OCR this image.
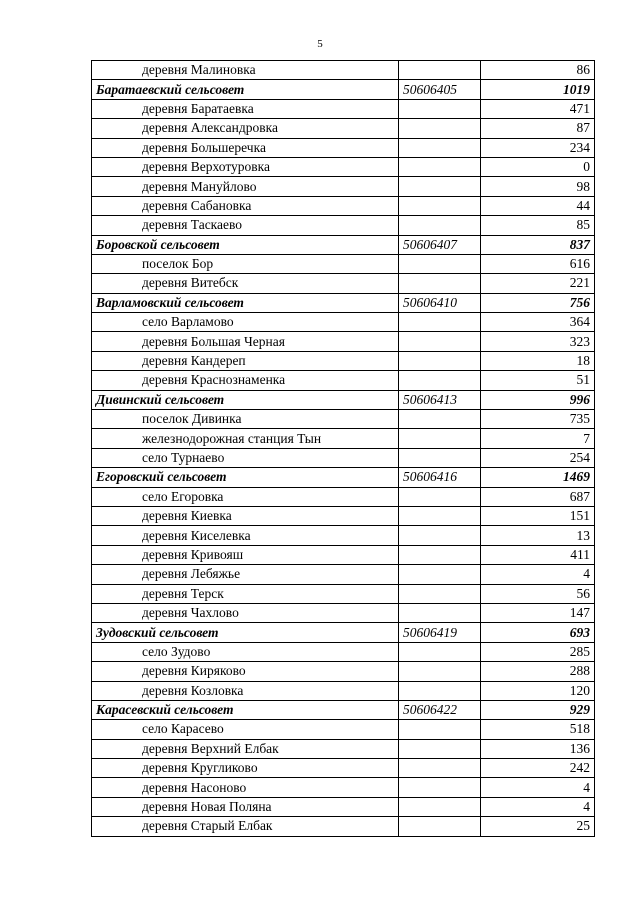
5
деревня Малиновка		86
Баратаевский сельсовет	50606405	1019
деревня Баратаевка		471
деревня Александровка		87
деревня Большеречка		234
деревня Верхотуровка		0
деревня Мануйлово		98
деревня Сабановка		44
деревня Таскаево		85
Боровской сельсовет	50606407	837
поселок Бор		616
деревня Витебск		221
Варламовский сельсовет	50606410	756
село Варламово		364
деревня Большая Черная		323
деревня Кандереп		18
деревня Краснознаменка		51
Дивинский сельсовет	50606413	996
поселок Дивинка		735
железнодорожная станция Тын		7
село Турнаево		254
Егоровский сельсовет	50606416	1469
село Егоровка		687
деревня Киевка		151
деревня Киселевка		13
деревня Кривояш		411
деревня Лебяжье		4
деревня Терск		56
деревня Чахлово		147
Зудовский сельсовет	50606419	693
село Зудово		285
деревня Киряково		288
деревня Козловка		120
Карасевский сельсовет	50606422	929
село Карасево		518
деревня Верхний Елбак		136
деревня Кругликово		242
деревня Насоново		4
деревня Новая Поляна		4
деревня Старый Елбак		25
